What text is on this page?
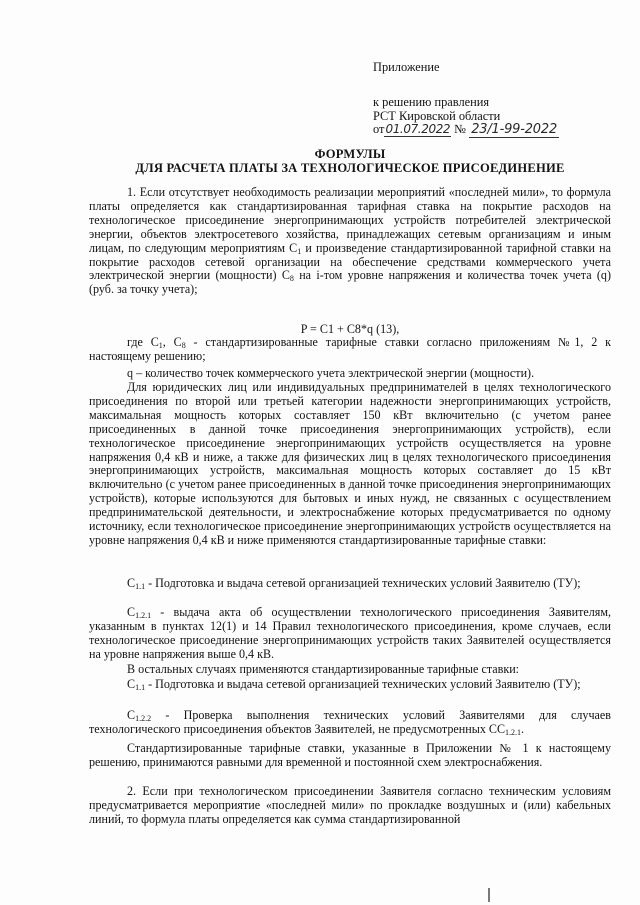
Приложение
к решению правления
РСТ Кировской области
от01.07.2022 № 23/1-99-2022
ФОРМУЛЫ
ДЛЯ РАСЧЕТА ПЛАТЫ ЗА ТЕХНОЛОГИЧЕСКОЕ ПРИСОЕДИНЕНИЕ
1. Если отсутствует необходимость реализации мероприятий «последней мили», то формула платы определяется как стандартизированная тарифная ставка на покрытие расходов на технологическое присоединение энергопринимающих устройств потребителей электрической энергии, объектов электросетевого хозяйства, принадлежащих сетевым организациям и иным лицам, по следующим мероприятиям $C_1$ и произведение стандартизированной тарифной ставки на покрытие расходов сетевой организации на обеспечение средствами коммерческого учета электрической энергии (мощности) $C_8$ на i-том уровне напряжения и количества точек учета (q) (руб. за точку учета);
P = C1 + C8*q (13),
где $C_1$, $C_8$ - стандартизированные тарифные ставки согласно приложениям №1, 2 к настоящему решению;
q – количество точек коммерческого учета электрической энергии (мощности).
Для юридических лиц или индивидуальных предпринимателей в целях технологического присоединения по второй или третьей категории надежности энергопринимающих устройств, максимальная мощность которых составляет 150 кВт включительно (с учетом ранее присоединенных в данной точке присоединения энергопринимающих устройств), если технологическое присоединение энергопринимающих устройств осуществляется на уровне напряжения 0,4 кВ и ниже, а также для физических лиц в целях технологического присоединения энергопринимающих устройств, максимальная мощность которых составляет до 15 кВт включительно (с учетом ранее присоединенных в данной точке присоединения энергопринимающих устройств), которые используются для бытовых и иных нужд, не связанных с осуществлением предпринимательской деятельности, и электроснабжение которых предусматривается по одному источнику, если технологическое присоединение энергопринимающих устройств осуществляется на уровне напряжения 0,4 кВ и ниже применяются стандартизированные тарифные ставки:
$C_{1.1}$ - Подготовка и выдача сетевой организацией технических условий Заявителю (ТУ);
$C_{1.2.1}$ - выдача акта об осуществлении технологического присоединения Заявителям, указанным в пунктах 12(1) и 14 Правил технологического присоединения, кроме случаев, если технологическое присоединение энергопринимающих устройств таких Заявителей осуществляется на уровне напряжения выше 0,4 кВ.
В остальных случаях применяются стандартизированные тарифные ставки:
$C_{1.1}$ - Подготовка и выдача сетевой организацией технических условий Заявителю (ТУ);
$C_{1.2.2}$ - Проверка выполнения технических условий Заявителями для случаев технологического присоединения объектов Заявителей, не предусмотренных $CC_{1.2.1}$.
Стандартизированные тарифные ставки, указанные в Приложении № 1 к настоящему решению, принимаются равными для временной и постоянной схем электроснабжения.
2. Если при технологическом присоединении Заявителя согласно техническим условиям предусматривается мероприятие «последней мили» по прокладке воздушных и (или) кабельных линий, то формула платы определяется как сумма стандартизированной
